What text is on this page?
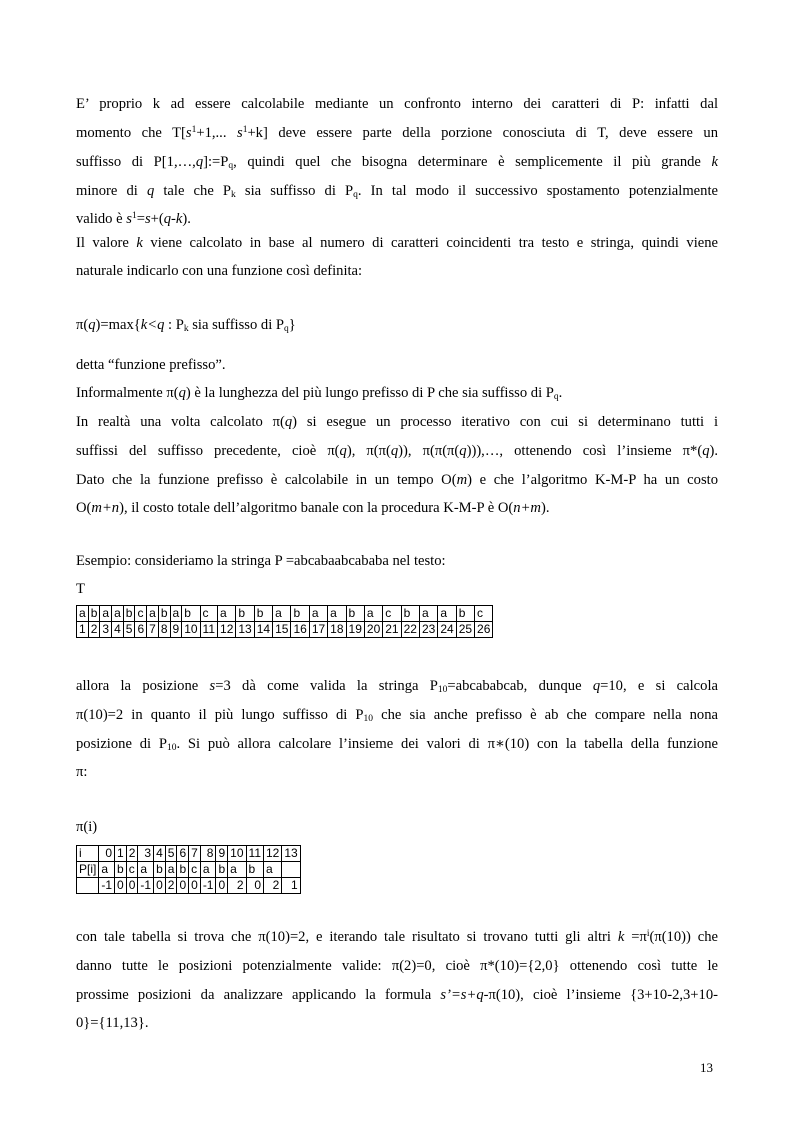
E’ proprio k ad essere calcolabile mediante un confronto interno dei caratteri di P: infatti dal
momento che $T[s^1+1$,... $s^1+k$] deve essere parte della porzione conosciuta di T, deve essere un
suffisso di $P[1,\dots,q]:=P_q$, quindi quel che bisogna determinare è semplicemente il più grande k
minore di q tale che $P_k$ sia suffisso di $P_q$. In tal modo il successivo spostamento potenzialmente
valido è $s^1=s+(q-k)$.
Il valore k viene calcolato in base al numero di caratteri coincidenti tra testo e stringa, quindi viene
naturale indicarlo con una funzione così definita:
π(q)=max{k<q : $P_k$ sia suffisso di $P_q$}
detta “funzione prefisso”.
Informalmente π(q) è la lunghezza del più lungo prefisso di P che sia suffisso di $P_q$.
In realtà una volta calcolato π(q) si esegue un processo iterativo con cui si determinano tutti i
suffissi del suffisso precedente, cioè π(q), π(π(q)), π(π(π(q))),…, ottenendo così l’insieme π*(q).
Dato che la funzione prefisso è calcolabile in un tempo O(m) e che l’algoritmo K-M-P ha un costo
O(m+n), il costo totale dell’algoritmo banale con la procedura K-M-P è O(n+m).
Esempio: consideriamo la stringa P =abcabaabcababa nel testo:
T
a	b	a	a	b	c	a	b	a	b	c	a	b	b	a	b	a	a	b	a	c	b	a	a	b	c
1	2	3	4	5	6	7	8	9	10	11	12	13	14	15	16	17	18	19	20	21	22	23	24	25	26
allora la posizione s=3 dà come valida la stringa $P_{10}=abcababcab$, dunque q=10, e si calcola
π(10)=2 in quanto il più lungo suffisso di $P_{10}$ che sia anche prefisso è ab che compare nella nona
posizione di $P_{10}$. Si può allora calcolare l’insieme dei valori di π∗(10) con la tabella della funzione
π:
π(i)
i	0	1	2	3	4	5	6	7	8	9	10	11	12	13
P[i]	a	b	c	a	b	a	b	c	a	b	a	b	a	
	-1	0	0	-1	0	2	0	0	-1	0	2	0	2	1
con tale tabella si trova che π(10)=2, e iterando tale risultato si trovano tutti gli altri $k =\pi^i(\pi(10))$ che
danno tutte le posizioni potenzialmente valide: π(2)=0, cioè π*(10)={2,0} ottenendo così tutte le
prossime posizioni da analizzare applicando la formula s’=s+q-π(10), cioè l’insieme {3+10-2,3+10-
0}={11,13}.
13
